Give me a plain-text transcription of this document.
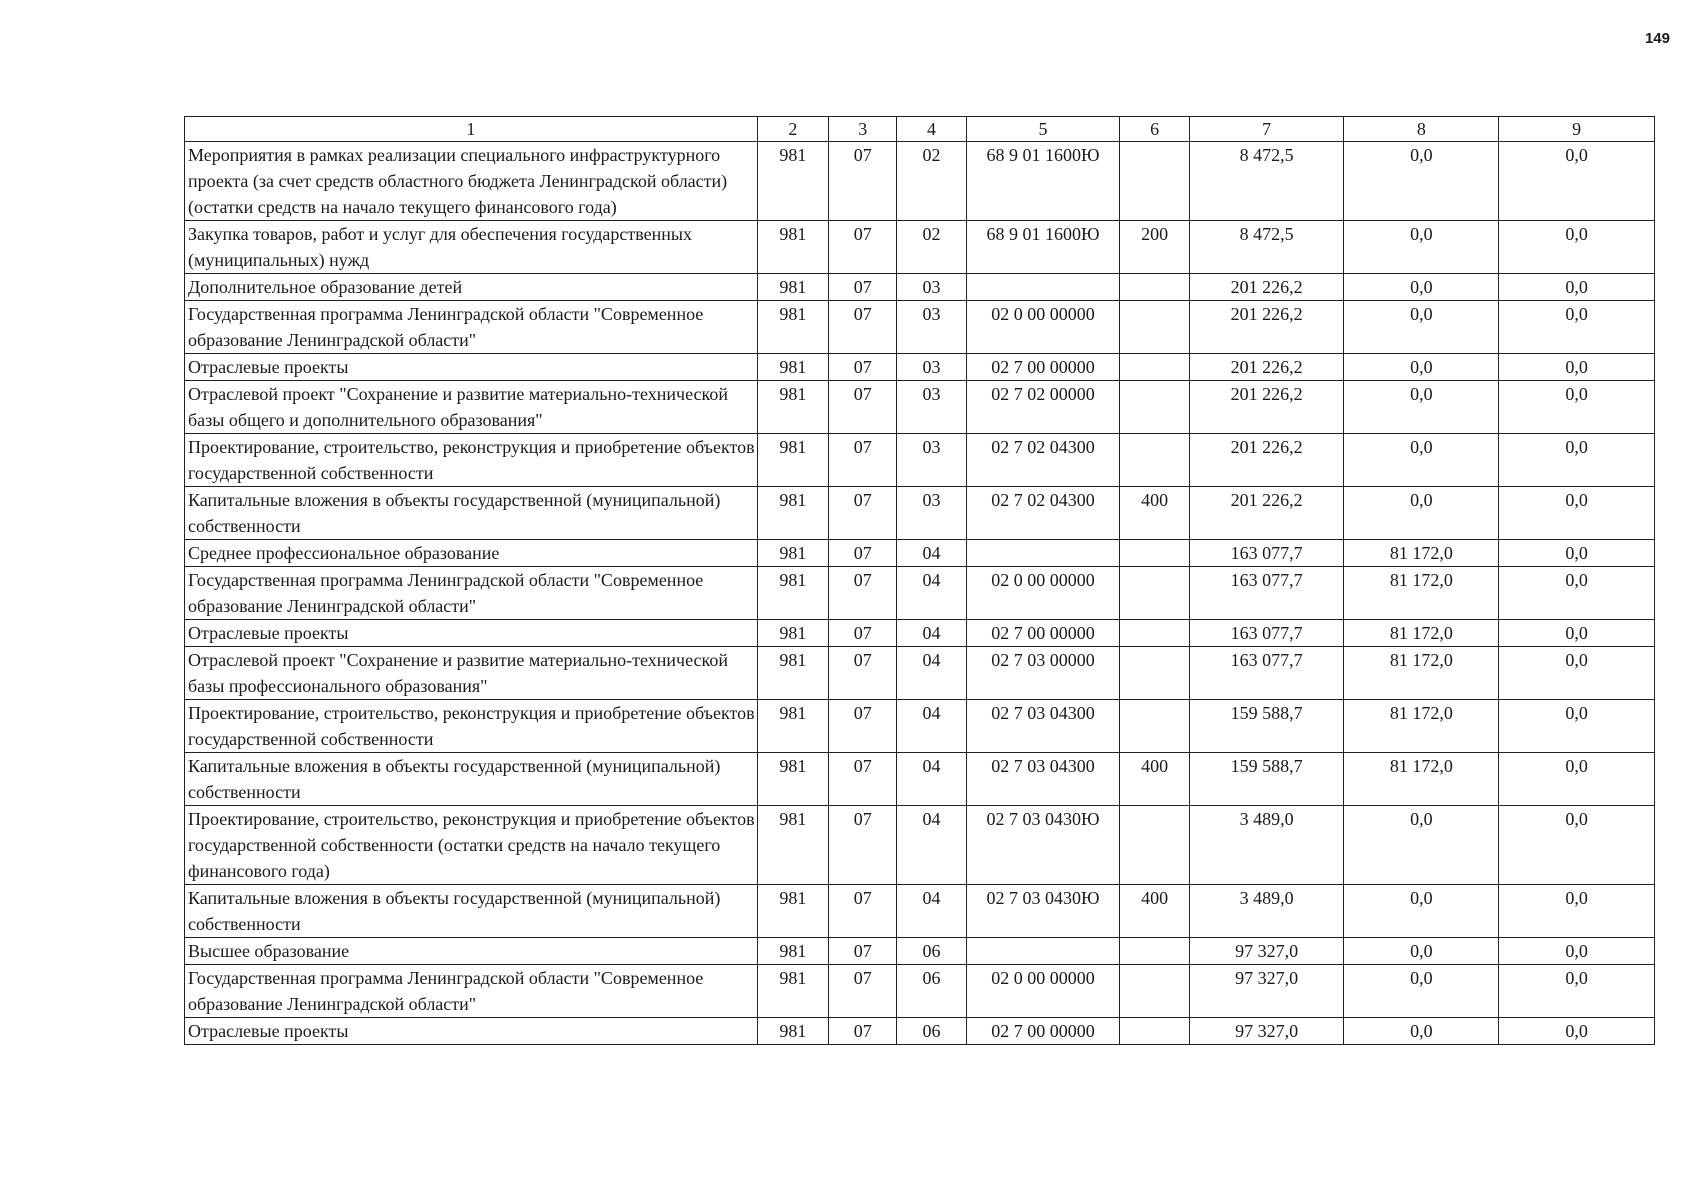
149
1	2	3	4	5	6	7	8	9
Мероприятия в рамках реализации специального инфраструктурного проекта (за счет средств областного бюджета Ленинградской области) (остатки средств на начало текущего финансового года)	981	07	02	68 9 01 1600Ю		8 472,5	0,0	0,0
Закупка товаров, работ и услуг для обеспечения государственных (муниципальных) нужд	981	07	02	68 9 01 1600Ю	200	8 472,5	0,0	0,0
Дополнительное образование детей	981	07	03			201 226,2	0,0	0,0
Государственная программа Ленинградской области "Современное образование Ленинградской области"	981	07	03	02 0 00 00000		201 226,2	0,0	0,0
Отраслевые проекты	981	07	03	02 7 00 00000		201 226,2	0,0	0,0
Отраслевой проект "Сохранение и развитие материально-технической базы общего и дополнительного образования"	981	07	03	02 7 02 00000		201 226,2	0,0	0,0
Проектирование, строительство, реконструкция и приобретение объектов государственной собственности	981	07	03	02 7 02 04300		201 226,2	0,0	0,0
Капитальные вложения в объекты государственной (муниципальной) собственности	981	07	03	02 7 02 04300	400	201 226,2	0,0	0,0
Среднее профессиональное образование	981	07	04			163 077,7	81 172,0	0,0
Государственная программа Ленинградской области "Современное образование Ленинградской области"	981	07	04	02 0 00 00000		163 077,7	81 172,0	0,0
Отраслевые проекты	981	07	04	02 7 00 00000		163 077,7	81 172,0	0,0
Отраслевой проект "Сохранение и развитие материально-технической базы профессионального образования"	981	07	04	02 7 03 00000		163 077,7	81 172,0	0,0
Проектирование, строительство, реконструкция и приобретение объектов государственной собственности	981	07	04	02 7 03 04300		159 588,7	81 172,0	0,0
Капитальные вложения в объекты государственной (муниципальной) собственности	981	07	04	02 7 03 04300	400	159 588,7	81 172,0	0,0
Проектирование, строительство, реконструкция и приобретение объектов государственной собственности (остатки средств на начало текущего финансового года)	981	07	04	02 7 03 0430Ю		3 489,0	0,0	0,0
Капитальные вложения в объекты государственной (муниципальной) собственности	981	07	04	02 7 03 0430Ю	400	3 489,0	0,0	0,0
Высшее образование	981	07	06			97 327,0	0,0	0,0
Государственная программа Ленинградской области "Современное образование Ленинградской области"	981	07	06	02 0 00 00000		97 327,0	0,0	0,0
Отраслевые проекты	981	07	06	02 7 00 00000		97 327,0	0,0	0,0
